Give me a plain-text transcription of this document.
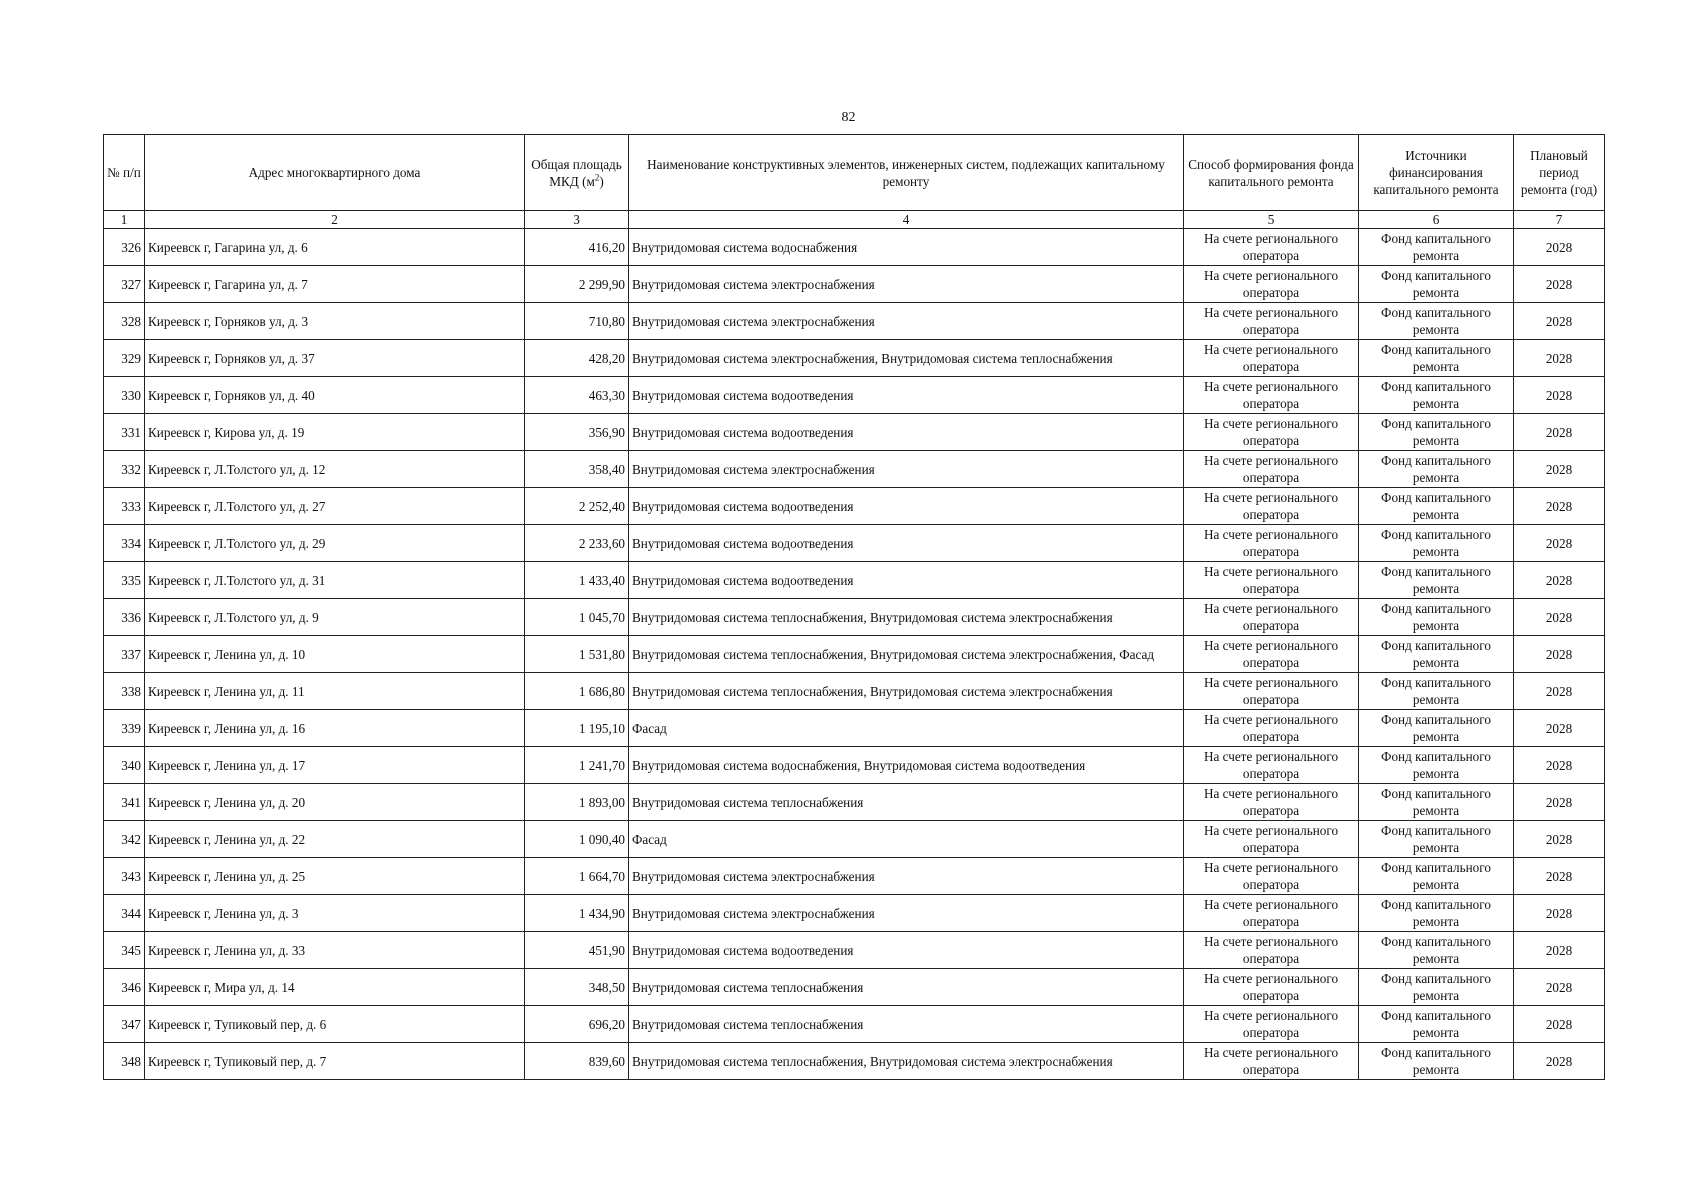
82
№ п/п	Адрес многоквартирного дома	Общая площадь МКД $(м^2)$	Наименование конструктивных элементов, инженерных систем, подлежащих капитальному ремонту	Способ формирования фонда капитального ремонта	Источники финансирования капитального ремонта	Плановый период ремонта (год)
1	2	3	4	5	6	7
326	Киреевск г, Гагарина ул, д. 6	416,20	Внутридомовая система водоснабжения	На счете регионального оператора	Фонд капитального ремонта	2028
327	Киреевск г, Гагарина ул, д. 7	2 299,90	Внутридомовая система электроснабжения	На счете регионального оператора	Фонд капитального ремонта	2028
328	Киреевск г, Горняков ул, д. 3	710,80	Внутридомовая система электроснабжения	На счете регионального оператора	Фонд капитального ремонта	2028
329	Киреевск г, Горняков ул, д. 37	428,20	Внутридомовая система электроснабжения, Внутридомовая система теплоснабжения	На счете регионального оператора	Фонд капитального ремонта	2028
330	Киреевск г, Горняков ул, д. 40	463,30	Внутридомовая система водоотведения	На счете регионального оператора	Фонд капитального ремонта	2028
331	Киреевск г, Кирова ул, д. 19	356,90	Внутридомовая система водоотведения	На счете регионального оператора	Фонд капитального ремонта	2028
332	Киреевск г, Л.Толстого ул, д. 12	358,40	Внутридомовая система электроснабжения	На счете регионального оператора	Фонд капитального ремонта	2028
333	Киреевск г, Л.Толстого ул, д. 27	2 252,40	Внутридомовая система водоотведения	На счете регионального оператора	Фонд капитального ремонта	2028
334	Киреевск г, Л.Толстого ул, д. 29	2 233,60	Внутридомовая система водоотведения	На счете регионального оператора	Фонд капитального ремонта	2028
335	Киреевск г, Л.Толстого ул, д. 31	1 433,40	Внутридомовая система водоотведения	На счете регионального оператора	Фонд капитального ремонта	2028
336	Киреевск г, Л.Толстого ул, д. 9	1 045,70	Внутридомовая система теплоснабжения, Внутридомовая система электроснабжения	На счете регионального оператора	Фонд капитального ремонта	2028
337	Киреевск г, Ленина ул, д. 10	1 531,80	Внутридомовая система теплоснабжения, Внутридомовая система электроснабжения, Фасад	На счете регионального оператора	Фонд капитального ремонта	2028
338	Киреевск г, Ленина ул, д. 11	1 686,80	Внутридомовая система теплоснабжения, Внутридомовая система электроснабжения	На счете регионального оператора	Фонд капитального ремонта	2028
339	Киреевск г, Ленина ул, д. 16	1 195,10	Фасад	На счете регионального оператора	Фонд капитального ремонта	2028
340	Киреевск г, Ленина ул, д. 17	1 241,70	Внутридомовая система водоснабжения, Внутридомовая система водоотведения	На счете регионального оператора	Фонд капитального ремонта	2028
341	Киреевск г, Ленина ул, д. 20	1 893,00	Внутридомовая система теплоснабжения	На счете регионального оператора	Фонд капитального ремонта	2028
342	Киреевск г, Ленина ул, д. 22	1 090,40	Фасад	На счете регионального оператора	Фонд капитального ремонта	2028
343	Киреевск г, Ленина ул, д. 25	1 664,70	Внутридомовая система электроснабжения	На счете регионального оператора	Фонд капитального ремонта	2028
344	Киреевск г, Ленина ул, д. 3	1 434,90	Внутридомовая система электроснабжения	На счете регионального оператора	Фонд капитального ремонта	2028
345	Киреевск г, Ленина ул, д. 33	451,90	Внутридомовая система водоотведения	На счете регионального оператора	Фонд капитального ремонта	2028
346	Киреевск г, Мира ул, д. 14	348,50	Внутридомовая система теплоснабжения	На счете регионального оператора	Фонд капитального ремонта	2028
347	Киреевск г, Тупиковый пер, д. 6	696,20	Внутридомовая система теплоснабжения	На счете регионального оператора	Фонд капитального ремонта	2028
348	Киреевск г, Тупиковый пер, д. 7	839,60	Внутридомовая система теплоснабжения, Внутридомовая система электроснабжения	На счете регионального оператора	Фонд капитального ремонта	2028
